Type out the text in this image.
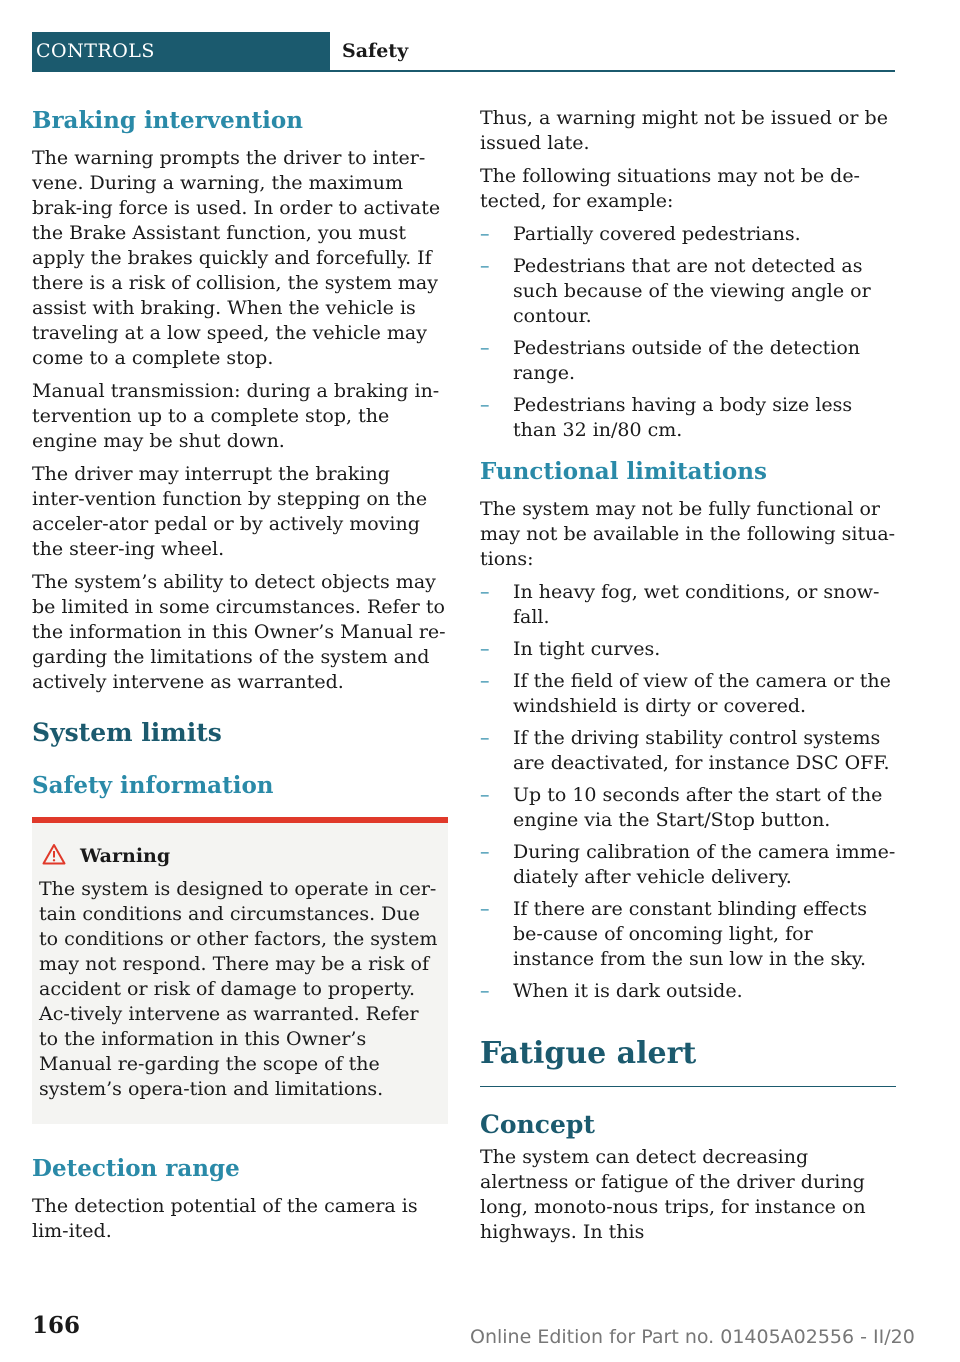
CONTROLS	Safety
Braking intervention

The warning prompts the driver to inter-vene. During a warning, the maximum brak-ing force is used. In order to activate the Brake Assistant function, you must apply the brakes quickly and forcefully. If there is a risk of collision, the system may assist with braking. When the vehicle is traveling at a low speed, the vehicle may come to a complete stop.

Manual transmission: during a braking in-tervention up to a complete stop, the engine may be shut down.

The driver may interrupt the braking inter-vention function by stepping on the acceler-ator pedal or by actively moving the steer-ing wheel.

The system’s ability to detect objects may be limited in some circumstances. Refer to the information in this Owner’s Manual re-garding the limitations of the system and actively intervene as warranted.

System limits
Safety information
Warning

The system is designed to operate in cer-tain conditions and circumstances. Due to conditions or other factors, the system may not respond. There may be a risk of accident or risk of damage to property. Ac-tively intervene as warranted. Refer to the information in this Owner’s Manual re-garding the scope of the system’s opera-tion and limitations.

Detection range

The detection potential of the camera is lim-ited.

Thus, a warning might not be issued or be issued late.

The following situations may not be de-tected, for example:

– Partially covered pedestrians.
– Pedestrians that are not detected as such because of the viewing angle or contour.
– Pedestrians outside of the detection range.
– Pedestrians having a body size less than 32 in/80 cm.
Functional limitations

The system may not be fully functional or may not be available in the following situa-tions:

– In heavy fog, wet conditions, or snow-fall.
– In tight curves.
– If the field of view of the camera or the windshield is dirty or covered.
– If the driving stability control systems are deactivated, for instance DSC OFF.
– Up to 10 seconds after the start of the engine via the Start/Stop button.
– During calibration of the camera imme-diately after vehicle delivery.
– If there are constant blinding effects be-cause of oncoming light, for instance from the sun low in the sky.
– When it is dark outside.
Fatigue alert
Concept

The system can detect decreasing alertness or fatigue of the driver during long, monoto-nous trips, for instance on highways. In this

166	Online Edition for Part no. 01405A02556 - II/20
